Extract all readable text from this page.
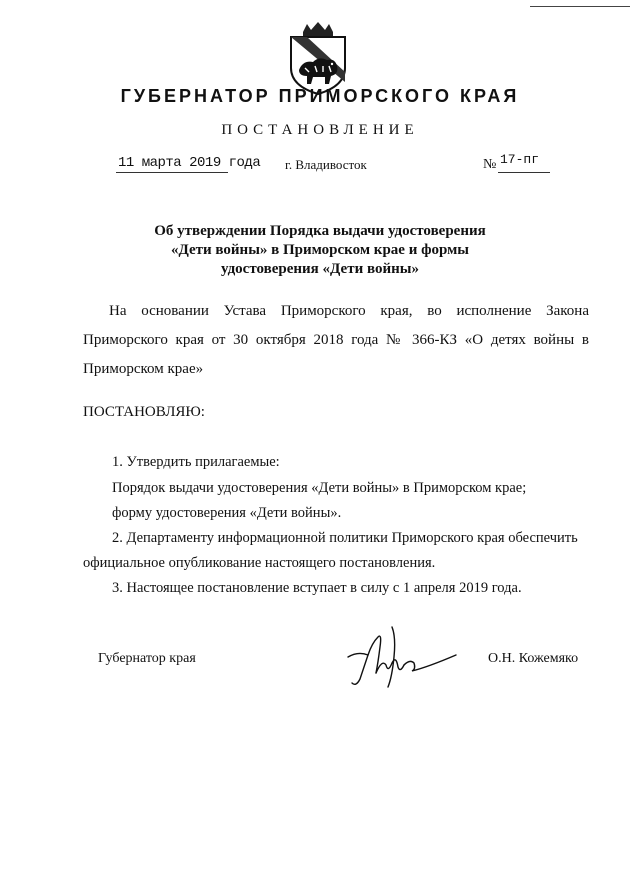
ГУБЕРНАТОР ПРИМОРСКОГО КРАЯ
ПОСТАНОВЛЕНИЕ
11 марта 2019 года г. Владивосток	№ 17-пг
Об утверждении Порядка выдачи удостоверения
«Дети войны» в Приморском крае и формы
удостоверения «Дети войны»
На основании Устава Приморского края, во исполнение Закона
Приморского края от 30 октября 2018 года № 366-КЗ «О детях войны в
Приморском крае»
ПОСТАНОВЛЯЮ:
1. Утвердить прилагаемые:
Порядок выдачи удостоверения «Дети войны» в Приморском крае;
форму удостоверения «Дети войны».
2. Департаменту информационной политики Приморского края обеспечить
официальное опубликование настоящего постановления.
3. Настоящее постановление вступает в силу с 1 апреля 2019 года.
Губернатор края	О.Н. Кожемяко
